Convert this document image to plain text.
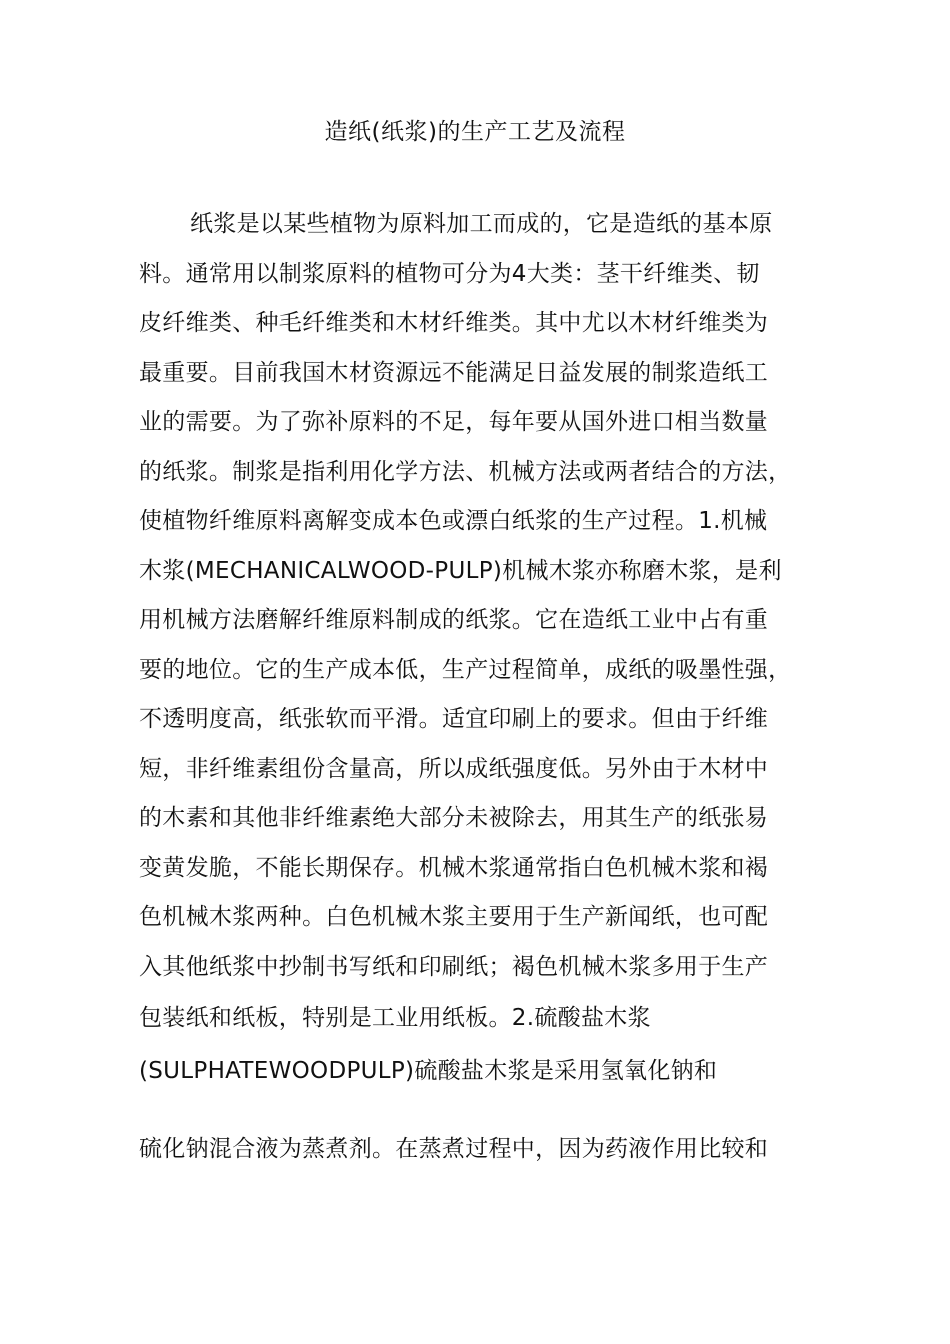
造纸(纸浆)的生产工艺及流程

纸浆是以某些植物为原料加工而成的，它是造纸的基本原

料。通常用以制浆原料的植物可分为4大类：茎干纤维类、韧

皮纤维类、种毛纤维类和木材纤维类。其中尤以木材纤维类为

最重要。目前我国木材资源远不能满足日益发展的制浆造纸工

业的需要。为了弥补原料的不足，每年要从国外进口相当数量

的纸浆。制浆是指利用化学方法、机械方法或两者结合的方法，

使植物纤维原料离解变成本色或漂白纸浆的生产过程。1.机械

木浆(MECHANICALWOOD-PULP)机械木浆亦称磨木浆，是利

用机械方法磨解纤维原料制成的纸浆。它在造纸工业中占有重

要的地位。它的生产成本低，生产过程简单，成纸的吸墨性强，

不透明度高，纸张软而平滑。适宜印刷上的要求。但由于纤维

短，非纤维素组份含量高，所以成纸强度低。另外由于木材中

的木素和其他非纤维素绝大部分未被除去，用其生产的纸张易

变黄发脆，不能长期保存。机械木浆通常指白色机械木浆和褐

色机械木浆两种。白色机械木浆主要用于生产新闻纸，也可配

入其他纸浆中抄制书写纸和印刷纸；褐色机械木浆多用于生产

包装纸和纸板，特别是工业用纸板。2.硫酸盐木浆

(SULPHATEWOODPULP)硫酸盐木浆是采用氢氧化钠和

硫化钠混合液为蒸煮剂。在蒸煮过程中，因为药液作用比较和
